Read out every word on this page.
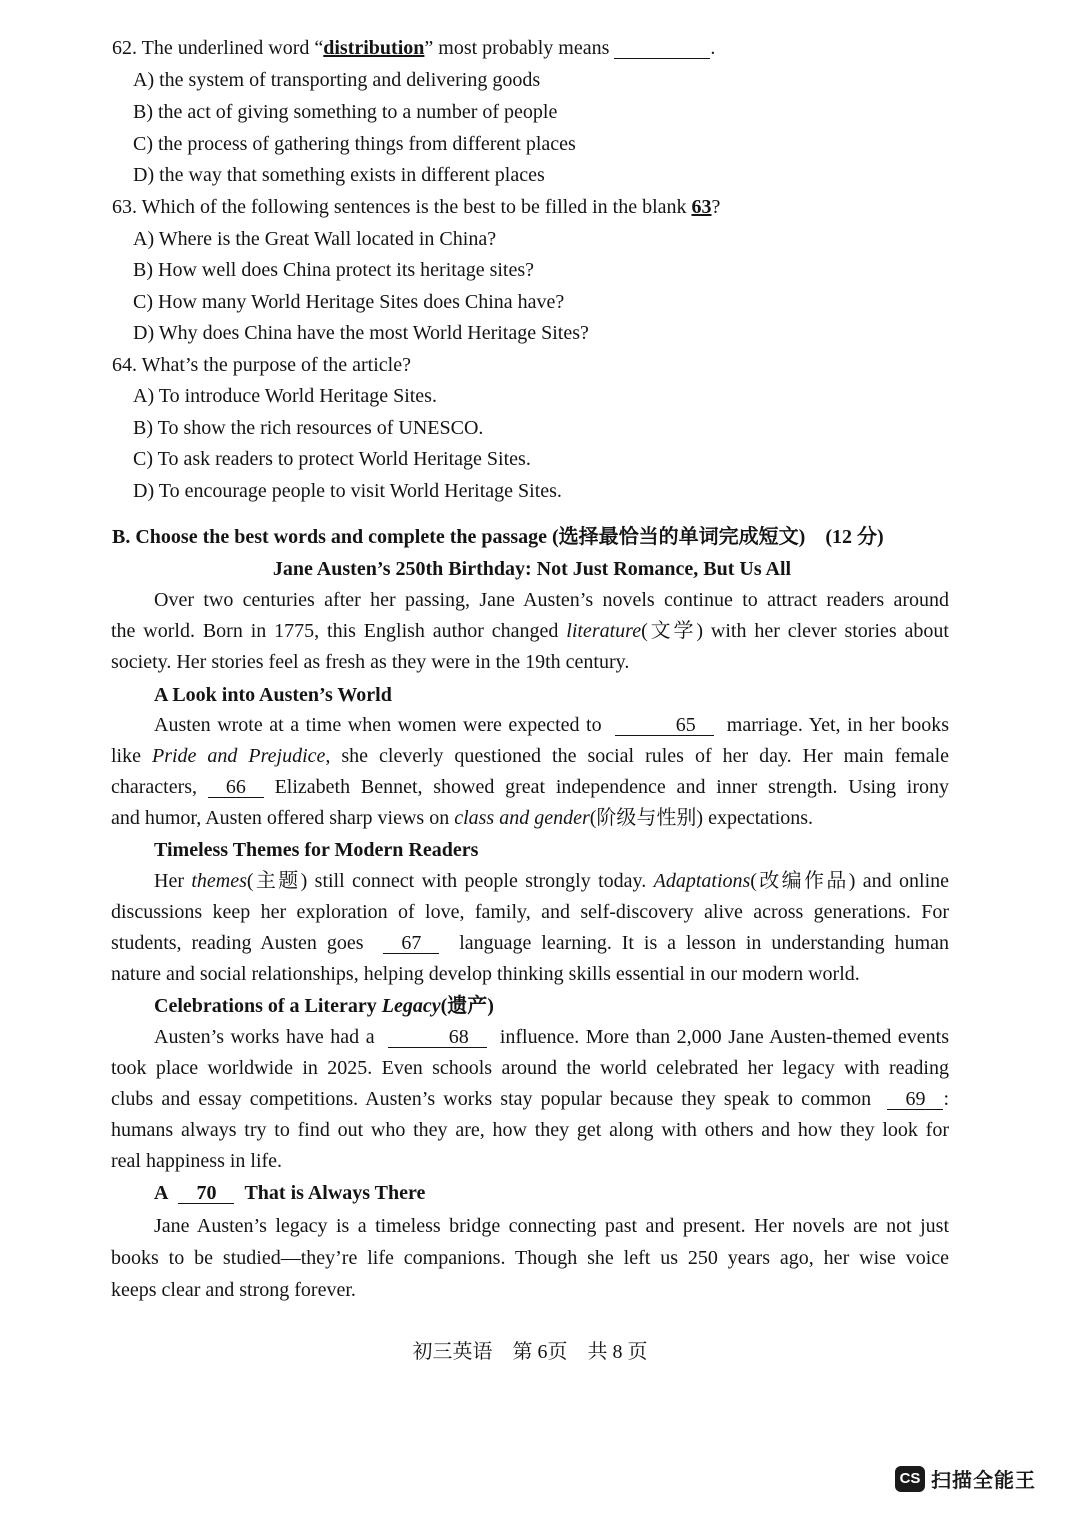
62. The underlined word “distribution” most probably means	.
A) the system of transporting and delivering goods
B) the act of giving something to a number of people
C) the process of gathering things from different places
D) the way that something exists in different places
63. Which of the following sentences is the best to be filled in the blank 63?
A) Where is the Great Wall located in China?
B) How well does China protect its heritage sites?
C) How many World Heritage Sites does China have?
D) Why does China have the most World Heritage Sites?
64. What’s the purpose of the article?
A) To introduce World Heritage Sites.
B) To show the rich resources of UNESCO.
C) To ask readers to protect World Heritage Sites.
D) To encourage people to visit World Heritage Sites.
B. Choose the best words and complete the passage (选择最恰当的单词完成短文)    (12 分)
Jane Austen’s 250th Birthday: Not Just Romance, But Us All
Over two centuries after her passing, Jane Austen’s novels continue to attract readers around
the world. Born in 1775, this English author changed literature(文学) with her clever stories about
society. Her stories feel as fresh as they were in the 19th century.
A Look into Austen’s World
Austen wrote at a time when women were expected to	65 marriage. Yet, in her books
like Pride and Prejudice, she cleverly questioned the social rules of her day. Her main female
characters, 66 Elizabeth Bennet, showed great independence and inner strength. Using irony
and humor, Austen offered sharp views on class and gender(阶级与性别) expectations.
Timeless Themes for Modern Readers
Her themes(主题) still connect with people strongly today. Adaptations(改编作品) and online
discussions keep her exploration of love, family, and self-discovery alive across generations. For
students, reading Austen goes 67 language learning. It is a lesson in understanding human
nature and social relationships, helping develop thinking skills essential in our modern world.
Celebrations of a Literary Legacy(遗产)
Austen’s works have had a	68 influence. More than 2,000 Jane Austen-themed events
took place worldwide in 2025. Even schools around the world celebrated her legacy with reading
clubs and essay competitions. Austen’s works stay popular because they speak to common 69 :
humans always try to find out who they are, how they get along with others and how they look for
real happiness in life.
A 70 That is Always There
Jane Austen’s legacy is a timeless bridge connecting past and present. Her novels are not just
books to be studied—they’re life companions. Though she left us 250 years ago, her wise voice
keeps clear and strong forever.
初三英语 第 6页 共 8 页
CS 扫描全能王
